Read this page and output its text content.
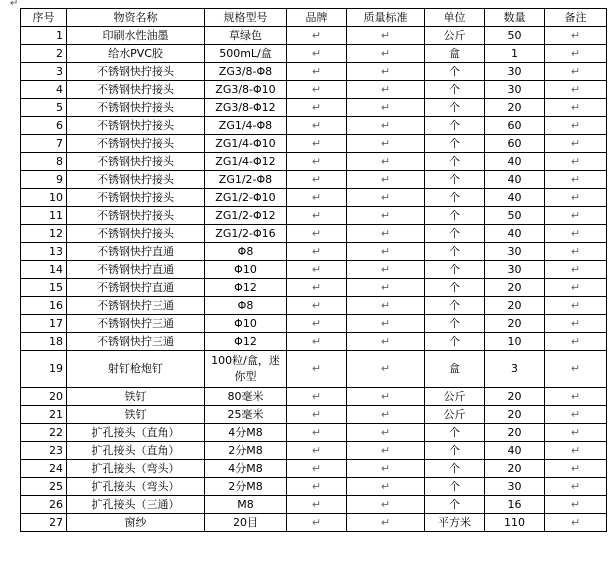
↵
序号	物资名称	规格型号	品牌	质量标准	单位	数量	备注
1	印刷水性油墨	草绿色	↵	↵	公斤	50	↵
2	给水PVC胶	500mL/盒	↵	↵	盒	1	↵
3	不锈钢快拧接头	ZG3/8-Φ8	↵	↵	个	30	↵
4	不锈钢快拧接头	ZG3/8-Φ10	↵	↵	个	30	↵
5	不锈钢快拧接头	ZG3/8-Φ12	↵	↵	个	20	↵
6	不锈钢快拧接头	ZG1/4-Φ8	↵	↵	个	60	↵
7	不锈钢快拧接头	ZG1/4-Φ10	↵	↵	个	60	↵
8	不锈钢快拧接头	ZG1/4-Φ12	↵	↵	个	40	↵
9	不锈钢快拧接头	ZG1/2-Φ8	↵	↵	个	40	↵
10	不锈钢快拧接头	ZG1/2-Φ10	↵	↵	个	40	↵
11	不锈钢快拧接头	ZG1/2-Φ12	↵	↵	个	50	↵
12	不锈钢快拧接头	ZG1/2-Φ16	↵	↵	个	40	↵
13	不锈钢快拧直通	Φ8	↵	↵	个	30	↵
14	不锈钢快拧直通	Φ10	↵	↵	个	30	↵
15	不锈钢快拧直通	Φ12	↵	↵	个	20	↵
16	不锈钢快拧三通	Φ8	↵	↵	个	20	↵
17	不锈钢快拧三通	Φ10	↵	↵	个	20	↵
18	不锈钢快拧三通	Φ12	↵	↵	个	10	↵
19	射钉枪炮钉	100粒/盒，迷你型	↵	↵	盒	3	↵
20	铁钉	80毫米	↵	↵	公斤	20	↵
21	铁钉	25毫米	↵	↵	公斤	20	↵
22	扩孔接头（直角）	4分M8	↵	↵	个	20	↵
23	扩孔接头（直角）	2分M8	↵	↵	个	40	↵
24	扩孔接头（弯头）	4分M8	↵	↵	个	20	↵
25	扩孔接头（弯头）	2分M8	↵	↵	个	30	↵
26	扩孔接头（三通）	M8	↵	↵	个	16	↵
27	窗纱	20目	↵	↵	平方米	110	↵
